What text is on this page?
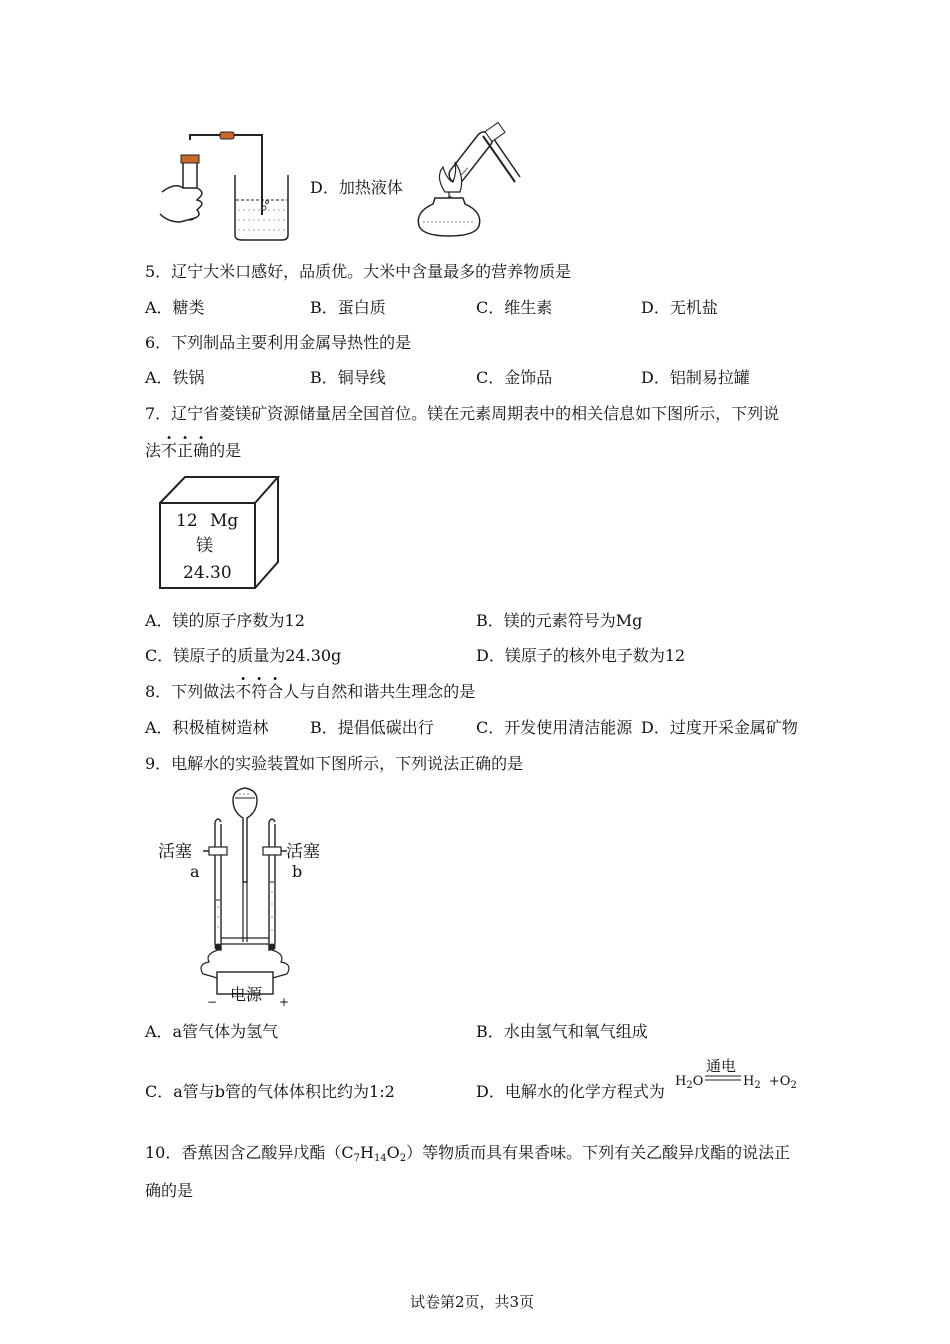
D．加热液体
5．辽宁大米口感好，品质优。大米中含量最多的营养物质是
A．糖类	B．蛋白质	C．维生素	D．无机盐
6．下列制品主要利用金属导热性的是
A．铁锅	B．铜导线	C．金饰品	D．铝制易拉罐
7．辽宁省菱镁矿资源储量居全国首位。镁在元素周期表中的相关信息如下图所示，下列说
法不正确的是
12 Mg
镁
24.30
A．镁的原子序数为12	B．镁的元素符号为Mg
C．镁原子的质量为24.30g	D．镁原子的核外电子数为12
8．下列做法不符合人与自然和谐共生理念的是
A．积极植树造林	B．提倡低碳出行	C．开发使用清洁能源 D．过度开采金属矿物
9．电解水的实验装置如下图所示，下列说法正确的是
活塞	活塞
a	b
电源
−	+
A．a管气体为氢气	B．水由氢气和氧气组成
C．a管与b管的气体体积比约为1:2	D．电解水的化学方程式为
通电
$H_2O$	$H_2 +O_2$
10．香蕉因含乙酸异戊酯$(C_7H_{14}O_2)$等物质而具有果香味。下列有关乙酸异戊酯的说法正
确的是
试卷第2页，共3页
